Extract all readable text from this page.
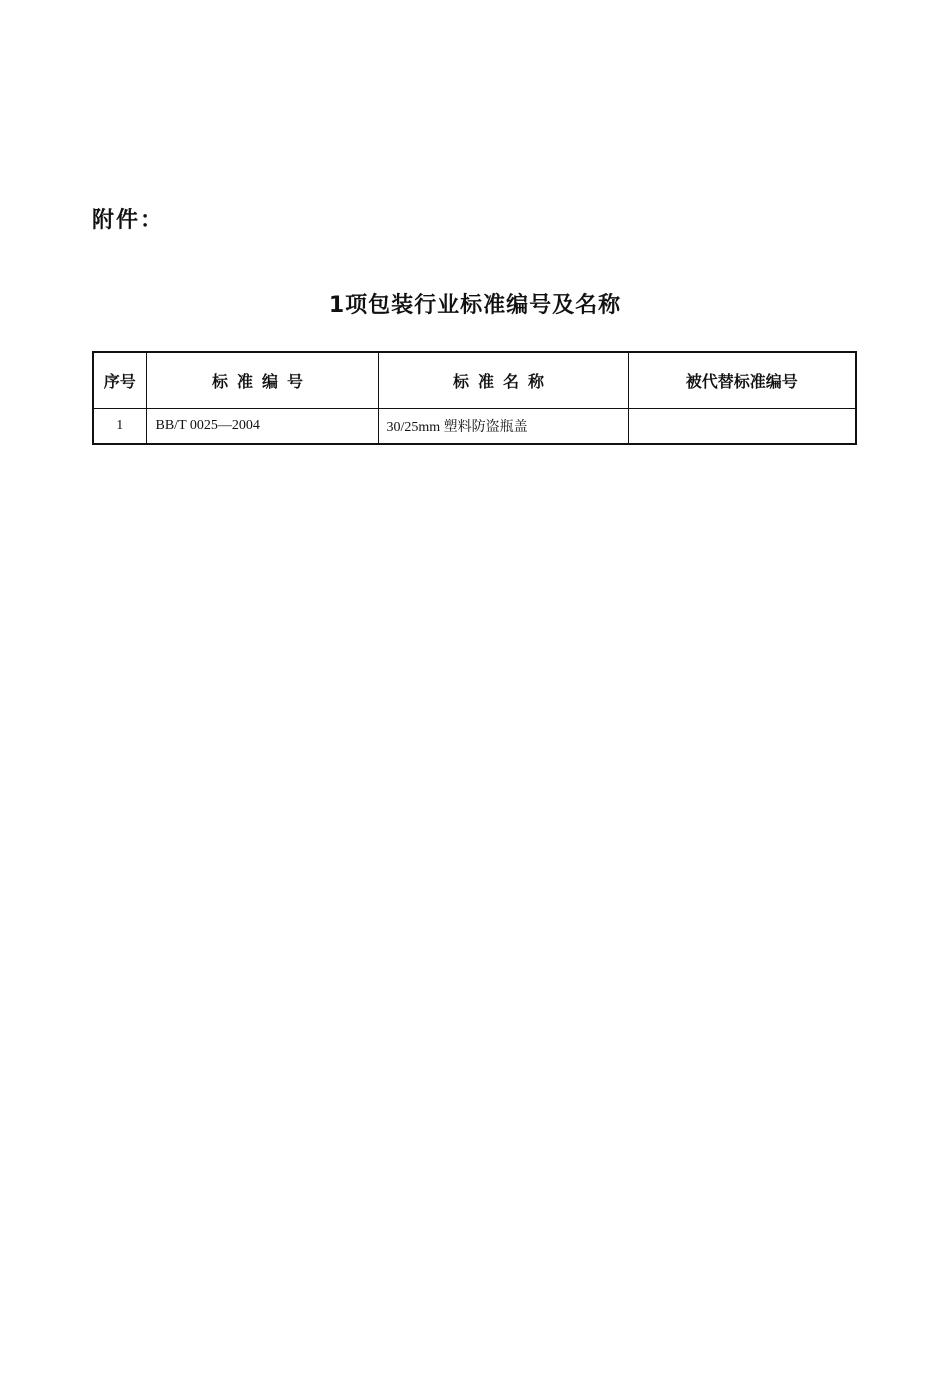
附件：
1项包装行业标准编号及名称
序号	标准编号	标准名称	被代替标准编号
1	BB/T 0025—2004	30/25mm 塑料防盗瓶盖	
